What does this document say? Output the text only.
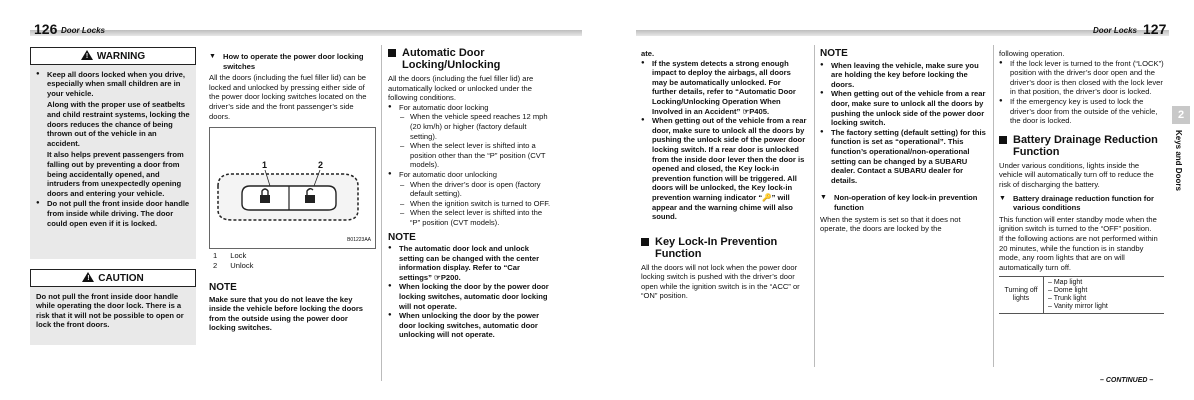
126 Door Locks
! WARNING
● Keep all doors locked when you drive, especially when small children are in your vehicle.

Along with the proper use of seatbelts and child restraint systems, locking the doors reduces the chance of being thrown out of the vehicle in an accident.

It also helps prevent passengers from falling out by preventing a door from being accidentally opened, and intruders from unexpectedly opening doors and entering your vehicle.

● Do not pull the front inside door handle from inside while driving. The door could open even if it is locked.
! CAUTION

Do not pull the front inside door handle while operating the door lock. There is a risk that it will not be possible to open or lock the front doors.

▼ How to operate the power door locking switches

All the doors (including the fuel filler lid) can be locked and unlocked by pressing either side of the power door locking switches located on the driver’s side and the front passenger’s side doors.

1	2
B01223AA
1 Lock
2 Unlock
NOTE

Make sure that you do not leave the key inside the vehicle before locking the doors from the outside using the power door locking switches.

Automatic Door Locking/Unlocking

All the doors (including the fuel filler lid) are automatically locked or unlocked under the following conditions.

● For automatic door locking
– When the vehicle speed reaches 12 mph (20 km/h) or higher (factory default setting).
– When the select lever is shifted into a position other than the “P” position (CVT models).
● For automatic door unlocking
– When the driver’s door is open (factory default setting).
– When the ignition switch is turned to OFF.
– When the select lever is shifted into the “P” position (CVT models).
NOTE
● The automatic door lock and unlock setting can be changed with the center information display. Refer to “Car settings” ☞P200.
● When locking the door by the power door locking switches, automatic door locking will not operate.
● When unlocking the door by the power door locking switches, automatic door unlocking will not operate.
Door Locks 127

ate.

● If the system detects a strong enough impact to deploy the airbags, all doors may be automatically unlocked. For further details, refer to “Automatic Door Locking/Unlocking Operation When Involved in an Accident” ☞P405.
● When getting out of the vehicle from a rear door, make sure to unlock all the doors by pushing the unlock side of the power door locking switch. If a rear door is unlocked from the inside door lever then the door is opened and closed, the Key lock-in prevention function will be triggered. All doors will be unlocked, the Key lock-in prevention warning indicator “🔑” will appear and the warning chime will also sound.
Key Lock-In Prevention Function

All the doors will not lock when the power door locking switch is pushed with the driver’s door open while the ignition switch is in the “ACC” or “ON” position.

NOTE
● When leaving the vehicle, make sure you are holding the key before locking the doors.
● When getting out of the vehicle from a rear door, make sure to unlock all the doors by pushing the unlock side of the power door locking switch.
● The factory setting (default setting) for this function is set as “operational”. This function’s operational/non-operational setting can be changed by a SUBARU dealer. Contact a SUBARU dealer for details.
▼ Non-operation of key lock-in prevention function

When the system is set so that it does not operate, the doors are locked by the

following operation.

● If the lock lever is turned to the front (“LOCK”) position with the driver’s door open and the driver’s door is then closed with the lock lever in that position, the driver’s door is locked.
● If the emergency key is used to lock the driver’s door from the outside of the vehicle, the door is locked.
Battery Drainage Reduction Function

Under various conditions, lights inside the vehicle will automatically turn off to reduce the risk of discharging the battery.

▼ Battery drainage reduction function for various conditions

This function will enter standby mode when the ignition switch is turned to the “OFF” position.

If the following actions are not performed within 20 minutes, while the function is in standby mode, any room lights that are on will automatically turn off.

Turning off lights
– Map light
– Dome light
– Trunk light
– Vanity mirror light
– CONTINUED –
2
Keys and Doors
